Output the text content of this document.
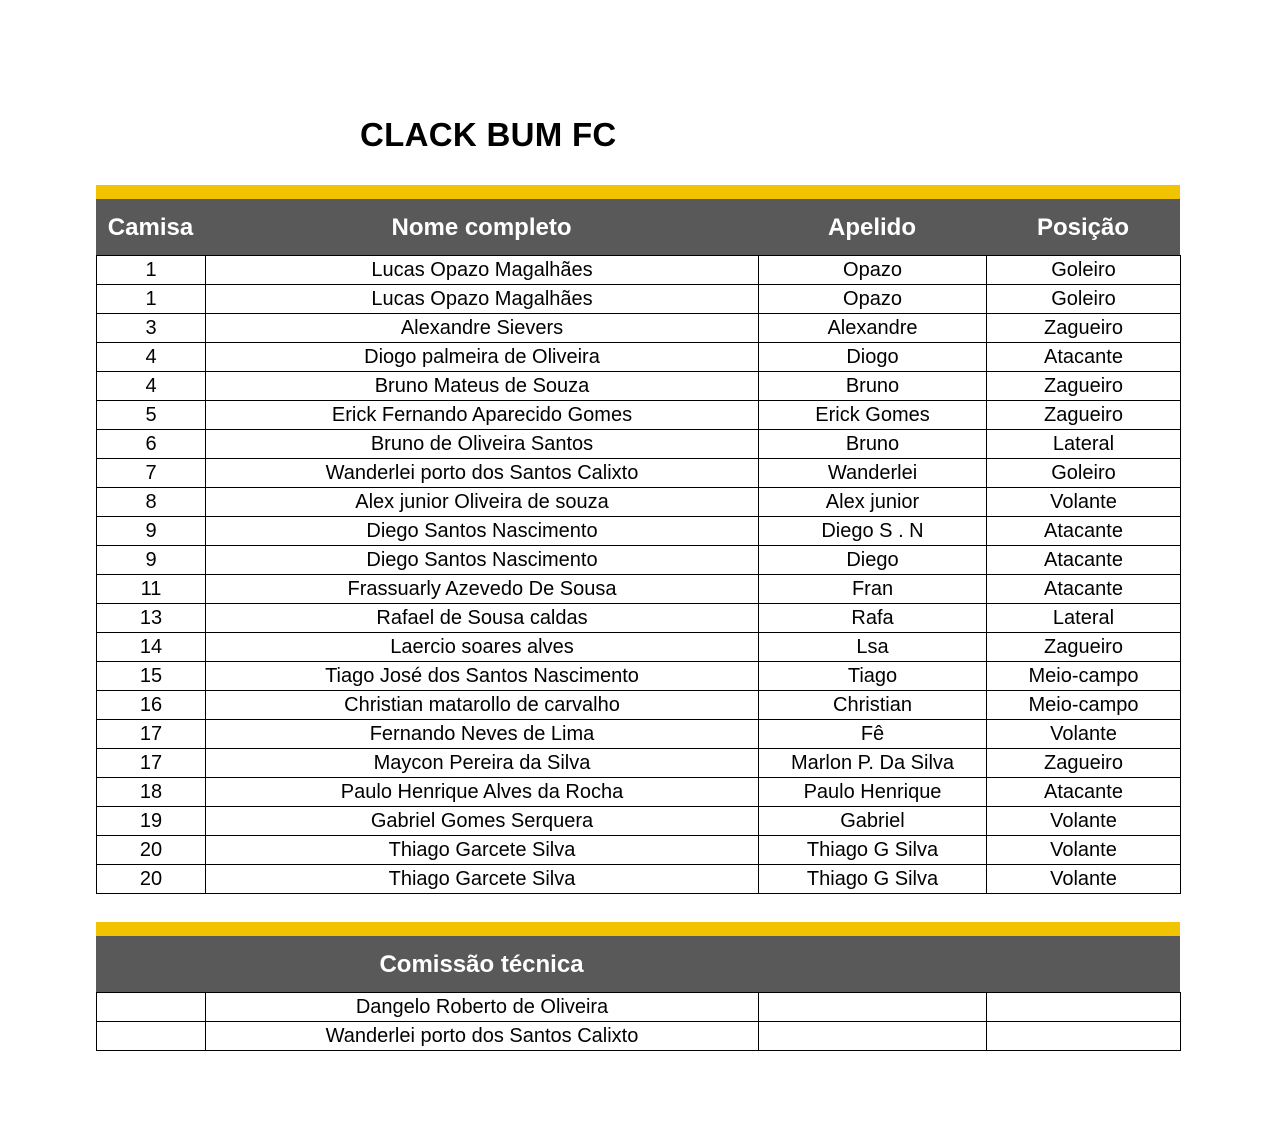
CLACK BUM FC
Camisa	Nome completo	Apelido	Posição
1	Lucas Opazo Magalhães	Opazo	Goleiro
1	Lucas Opazo Magalhães	Opazo	Goleiro
3	Alexandre Sievers	Alexandre	Zagueiro
4	Diogo palmeira de Oliveira	Diogo	Atacante
4	Bruno Mateus de Souza	Bruno	Zagueiro
5	Erick Fernando Aparecido Gomes	Erick Gomes	Zagueiro
6	Bruno de Oliveira Santos	Bruno	Lateral
7	Wanderlei porto dos Santos Calixto	Wanderlei	Goleiro
8	Alex junior Oliveira de souza	Alex junior	Volante
9	Diego Santos Nascimento	Diego S . N	Atacante
9	Diego Santos Nascimento	Diego	Atacante
11	Frassuarly Azevedo De Sousa	Fran	Atacante
13	Rafael de Sousa caldas	Rafa	Lateral
14	Laercio soares alves	Lsa	Zagueiro
15	Tiago José dos Santos Nascimento	Tiago	Meio-campo
16	Christian matarollo de carvalho	Christian	Meio-campo
17	Fernando Neves de Lima	Fê	Volante
17	Maycon Pereira da Silva	Marlon P. Da Silva	Zagueiro
18	Paulo Henrique Alves da Rocha	Paulo Henrique	Atacante
19	Gabriel Gomes Serquera	Gabriel	Volante
20	Thiago Garcete Silva	Thiago G Silva	Volante
20	Thiago Garcete Silva	Thiago G Silva	Volante
Comissão técnica
	Dangelo Roberto de Oliveira		
	Wanderlei porto dos Santos Calixto		
